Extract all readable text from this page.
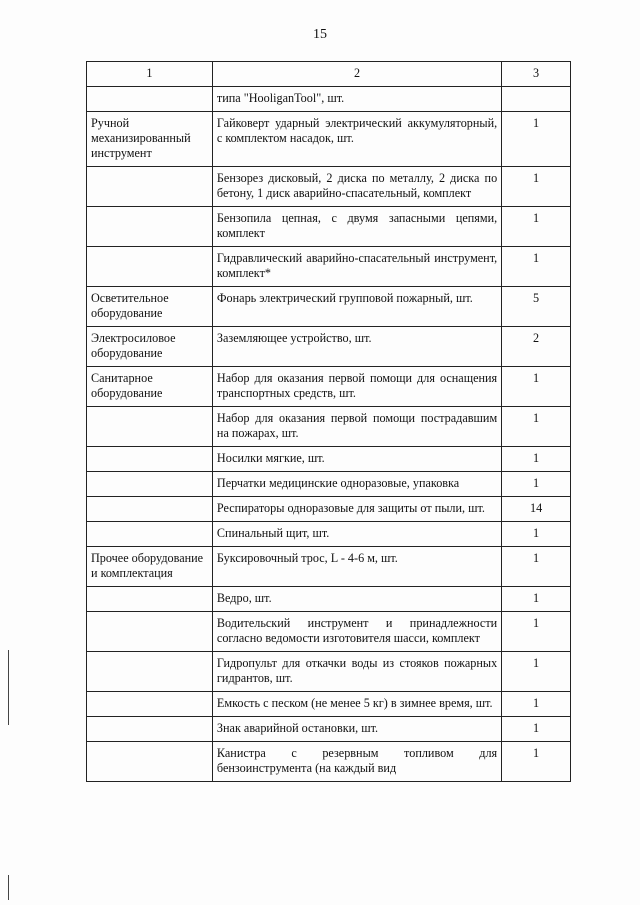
15
1	2	3
	типа "HooliganTool", шт.	
Ручной механизированный инструмент	Гайковерт ударный электрический аккумуляторный, с комплектом насадок, шт.	1
	Бензорез дисковый, 2 диска по металлу, 2 диска по бетону, 1 диск аварийно-спасательный, комплект	1
	Бензопила цепная, с двумя запасными цепями, комплект	1
	Гидравлический аварийно-спасательный инструмент, комплект*	1
Осветительное оборудование	Фонарь электрический групповой пожарный, шт.	5
Электросиловое оборудование	Заземляющее устройство, шт.	2
Санитарное оборудование	Набор для оказания первой помощи для оснащения транспортных средств, шт.	1
	Набор для оказания первой помощи пострадавшим на пожарах, шт.	1
	Носилки мягкие, шт.	1
	Перчатки медицинские одноразовые, упаковка	1
	Респираторы одноразовые для защиты от пыли, шт.	14
	Спинальный щит, шт.	1
Прочее оборудование и комплектация	Буксировочный трос, L - 4-6 м, шт.	1
	Ведро, шт.	1
	Водительский инструмент и принадлежности согласно ведомости изготовителя шасси, комплект	1
	Гидропульт для откачки воды из стояков пожарных гидрантов, шт.	1
	Емкость с песком (не менее 5 кг) в зимнее время, шт.	1
	Знак аварийной остановки, шт.	1
	Канистра с резервным топливом для бензоинструмента (на каждый вид	1
